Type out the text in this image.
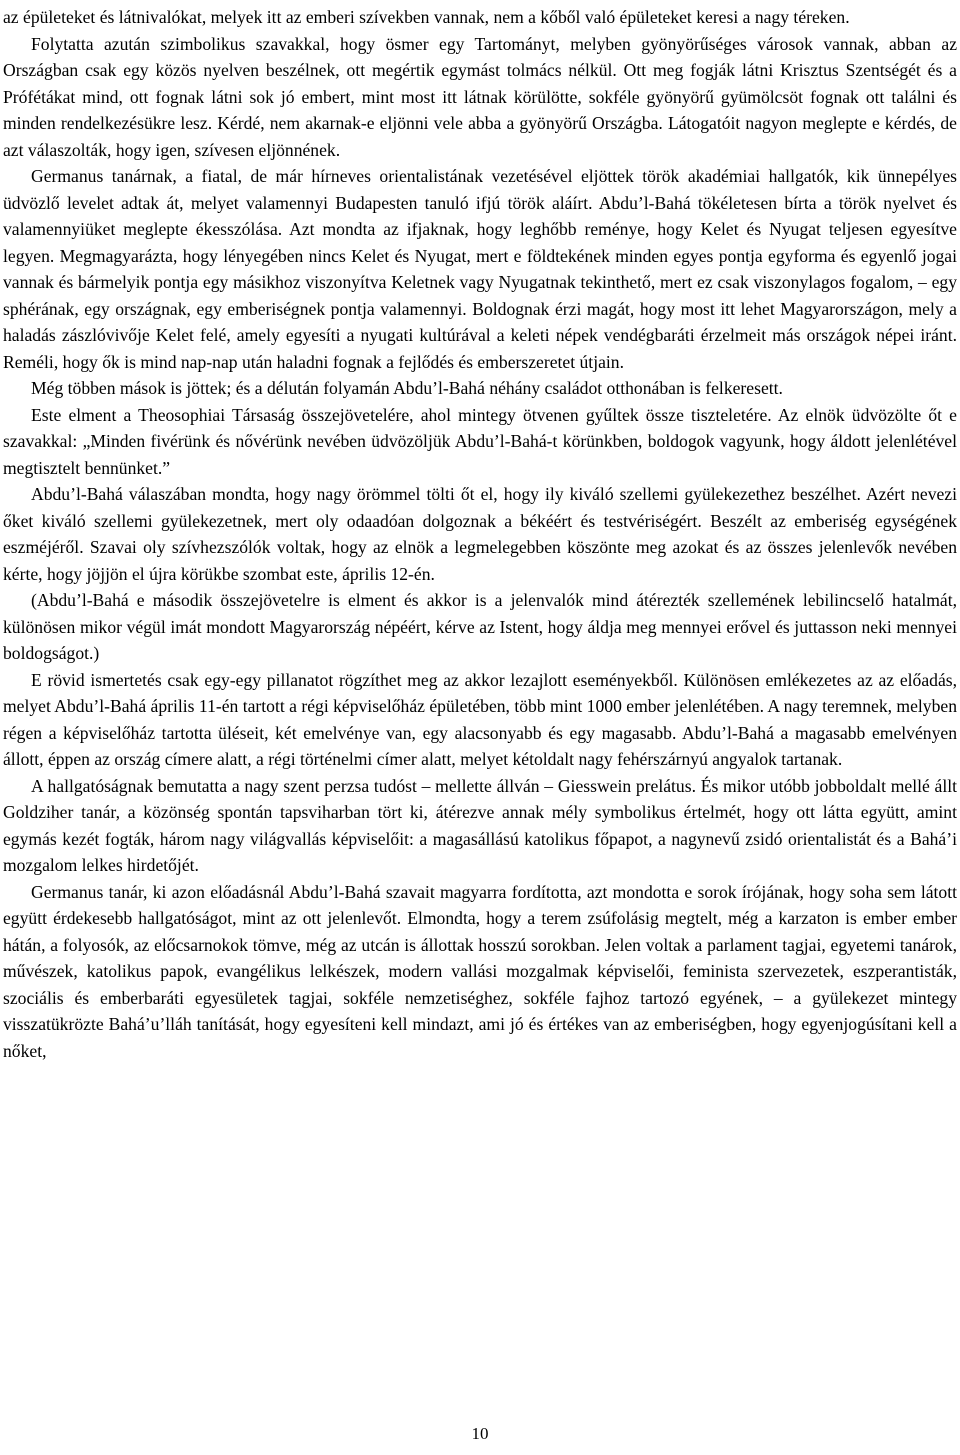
az épületeket és látnivalókat, melyek itt az emberi szívekben vannak, nem a kőből való épületeket keresi a nagy téreken.

Folytatta azután szimbolikus szavakkal, hogy ösmer egy Tartományt, melyben gyönyörűséges városok vannak, abban az Országban csak egy közös nyelven beszélnek, ott megértik egymást tolmács nélkül. Ott meg fogják látni Krisztus Szentségét és a Prófétákat mind, ott fognak látni sok jó embert, mint most itt látnak körülötte, sokféle gyönyörű gyümölcsöt fognak ott találni és minden rendelkezésükre lesz. Kérdé, nem akarnak-e eljönni vele abba a gyönyörű Országba. Látogatóit nagyon meglepte e kérdés, de azt válaszolták, hogy igen, szívesen eljönnének.

Germanus tanárnak, a fiatal, de már hírneves orientalistának vezetésével eljöttek török akadémiai hallgatók, kik ünnepélyes üdvözlő levelet adtak át, melyet valamennyi Budapesten tanuló ifjú török aláírt. Abdu’l-Bahá tökéletesen bírta a török nyelvet és valamennyiüket meglepte ékesszólása. Azt mondta az ifjaknak, hogy leghőbb reménye, hogy Kelet és Nyugat teljesen egyesítve legyen. Megmagyarázta, hogy lényegében nincs Kelet és Nyugat, mert e földtekének minden egyes pontja egyforma és egyenlő jogai vannak és bármelyik pontja egy másikhoz viszonyítva Keletnek vagy Nyugatnak tekinthető, mert ez csak viszonylagos fogalom, – egy sphérának, egy országnak, egy emberiségnek pontja valamennyi. Boldognak érzi magát, hogy most itt lehet Magyarországon, mely a haladás zászlóvivője Kelet felé, amely egyesíti a nyugati kultúrával a keleti népek vendégbaráti érzelmeit más országok népei iránt. Reméli, hogy ők is mind nap-nap után haladni fognak a fejlődés és emberszeretet útjain.

Még többen mások is jöttek; és a délután folyamán Abdu’l-Bahá néhány családot otthonában is felkeresett.

Este elment a Theosophiai Társaság összejövetelére, ahol mintegy ötvenen gyűltek össze tiszteletére. Az elnök üdvözölte őt e szavakkal: „Minden fivérünk és nővérünk nevében üdvözöljük Abdu’l-Bahá-t körünkben, boldogok vagyunk, hogy áldott jelenlétével megtisztelt bennünket.”

Abdu’l-Bahá válaszában mondta, hogy nagy örömmel tölti őt el, hogy ily kiváló szellemi gyülekezethez beszélhet. Azért nevezi őket kiváló szellemi gyülekezetnek, mert oly odaadóan dolgoznak a békéért és testvériségért. Beszélt az emberiség egységének eszméjéről. Szavai oly szívhezszólók voltak, hogy az elnök a legmelegebben köszönte meg azokat és az összes jelenlevők nevében kérte, hogy jöjjön el újra körükbe szombat este, április 12-én.

(Abdu’l-Bahá e második összejövetelre is elment és akkor is a jelenvalók mind átérezték szellemének lebilincselő hatalmát, különösen mikor végül imát mondott Magyarország népéért, kérve az Istent, hogy áldja meg mennyei erővel és juttasson neki mennyei boldogságot.)

E rövid ismertetés csak egy-egy pillanatot rögzíthet meg az akkor lezajlott eseményekből. Különösen emlékezetes az az előadás, melyet Abdu’l-Bahá április 11-én tartott a régi képviselőház épületében, több mint 1000 ember jelenlétében. A nagy teremnek, melyben régen a képviselőház tartotta üléseit, két emelvénye van, egy alacsonyabb és egy magasabb. Abdu’l-Bahá a magasabb emelvényen állott, éppen az ország címere alatt, a régi történelmi címer alatt, melyet kétoldalt nagy fehérszárnyú angyalok tartanak.

A hallgatóságnak bemutatta a nagy szent perzsa tudóst – mellette állván – Giesswein prelátus. És mikor utóbb jobboldalt mellé állt Goldziher tanár, a közönség spontán tapsviharban tört ki, átérezve annak mély symbolikus értelmét, hogy ott látta együtt, amint egymás kezét fogták, három nagy világvallás képviselőit: a magasállású katolikus főpapot, a nagynevű zsidó orientalistát és a Bahá’i mozgalom lelkes hirdetőjét.

Germanus tanár, ki azon előadásnál Abdu’l-Bahá szavait magyarra fordította, azt mondotta e sorok írójának, hogy soha sem látott együtt érdekesebb hallgatóságot, mint az ott jelenlevőt. Elmondta, hogy a terem zsúfolásig megtelt, még a karzaton is ember ember hátán, a folyosók, az előcsarnokok tömve, még az utcán is állottak hosszú sorokban. Jelen voltak a parlament tagjai, egyetemi tanárok, művészek, katolikus papok, evangélikus lelkészek, modern vallási mozgalmak képviselői, feminista szervezetek, eszperantisták, szociális és emberbaráti egyesületek tagjai, sokféle nemzetiséghez, sokféle fajhoz tartozó egyének, – a gyülekezet mintegy visszatükrözte Bahá’u’lláh tanítását, hogy egyesíteni kell mindazt, ami jó és értékes van az emberiségben, hogy egyenjogúsítani kell a nőket,

10
